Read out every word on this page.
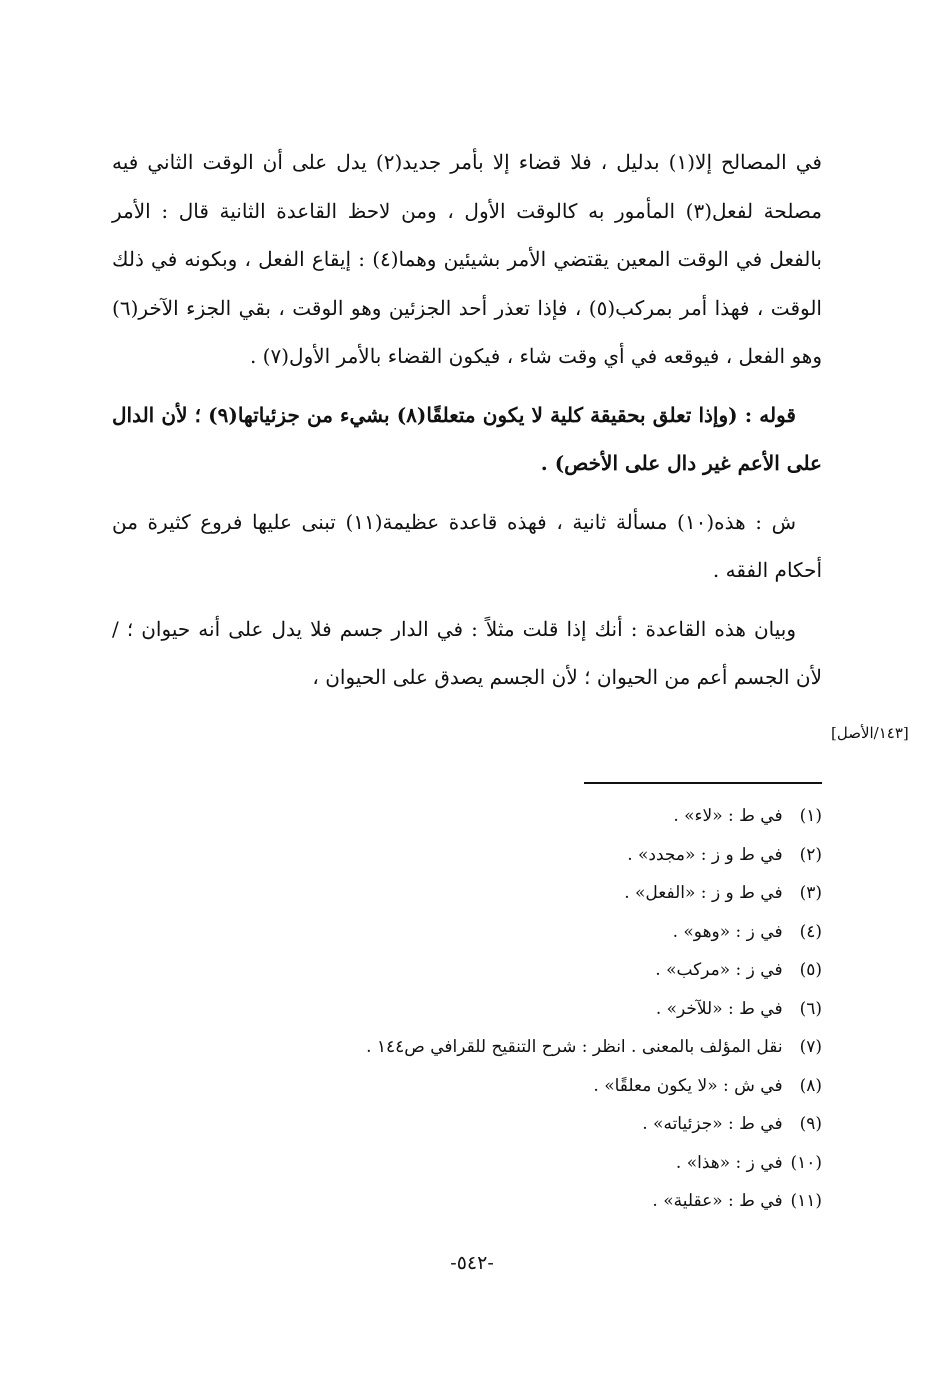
في المصالح إلا(١) بدليل ، فلا قضاء إلا بأمر جديد(٢) يدل على أن الوقت الثاني فيه مصلحة لفعل(٣) المأمور به كالوقت الأول ، ومن لاحظ القاعدة الثانية قال : الأمر بالفعل في الوقت المعين يقتضي الأمر بشيئين وهما(٤) : إيقاع الفعل ، وبكونه في ذلك الوقت ، فهذا أمر بمركب(٥) ، فإذا تعذر أحد الجزئين وهو الوقت ، بقي الجزء الآخر(٦) وهو الفعل ، فيوقعه في أي وقت شاء ، فيكون القضاء بالأمر الأول(٧) .

قوله : (وإذا تعلق بحقيقة كلية لا يكون متعلقًا(٨) بشيء من جزئياتها(٩) ؛ لأن الدال على الأعم غير دال على الأخص) .

ش : هذه(١٠) مسألة ثانية ، فهذه قاعدة عظيمة(١١) تبنى عليها فروع كثيرة من أحكام الفقه .

وبيان هذه القاعدة : أنك إذا قلت مثلاً : في الدار جسم فلا يدل على أنه حيوان ؛ / لأن الجسم أعم من الحيوان ؛ لأن الجسم يصدق على الحيوان ،

[١٤٣/الأصل]
(١) في ط : «لاء» .
(٢) في ط و ز : «مجدد» .
(٣) في ط و ز : «الفعل» .
(٤) في ز : «وهو» .
(٥) في ز : «مركب» .
(٦) في ط : «للآخر» .
(٧) نقل المؤلف بالمعنى . انظر : شرح التنقيح للقرافي ص١٤٤ .
(٨) في ش : «لا يكون معلقًا» .
(٩) في ط : «جزئياته» .
(١٠) في ز : «هذا» .
(١١) في ط : «عقلية» .
-٥٤٢-
